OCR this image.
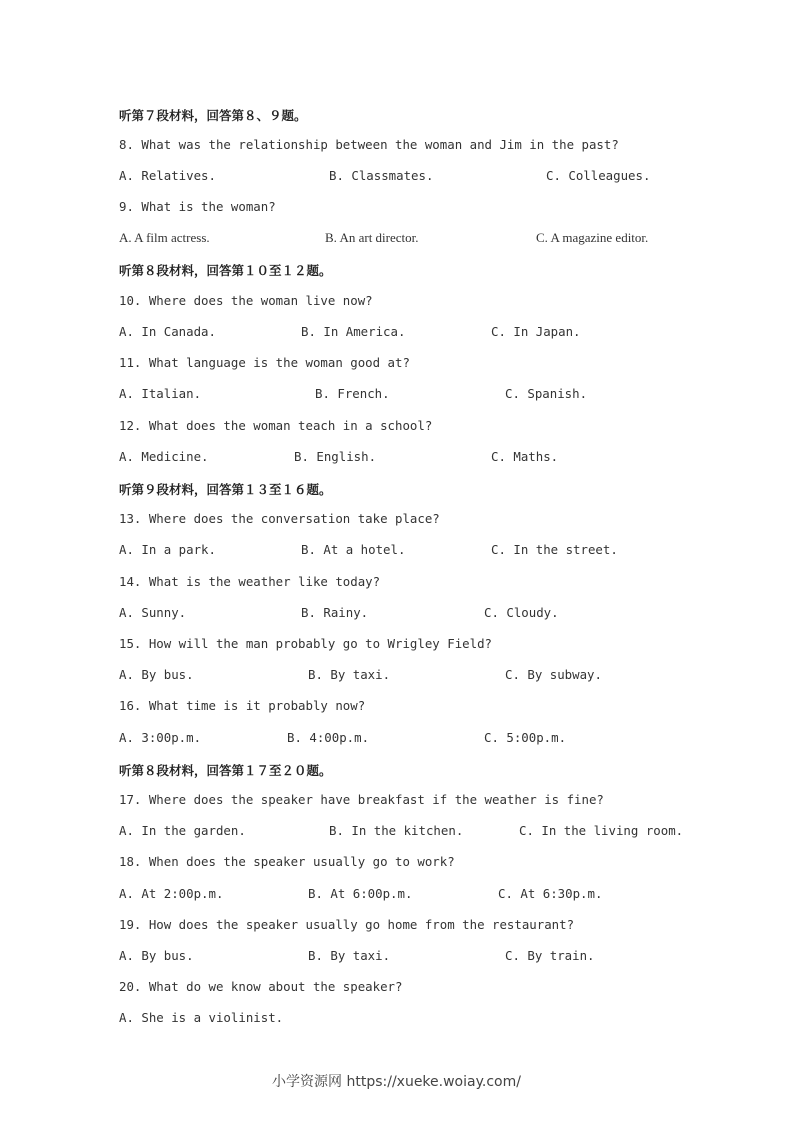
听第７段材料，回答第８、９题。
8. What was the relationship between the woman and Jim in the past?
A. Relatives.	B. Classmates.	C. Colleagues.
9. What is the woman?
A. A film actress.	B. An art director.	C. A magazine editor.
听第８段材料，回答第１０至１２题。
10. Where does the woman live now?
A. In Canada.	B. In America.	C. In Japan.
11. What language is the woman good at?
A. Italian.	B. French.	C. Spanish.
12. What does the woman teach in a school?
A. Medicine.	B. English.	C. Maths.
听第９段材料，回答第１３至１６题。
13. Where does the conversation take place?
A. In a park.	B. At a hotel.	C. In the street.
14. What is the weather like today?
A. Sunny.	B. Rainy.	C. Cloudy.
15. How will the man probably go to Wrigley Field?
A. By bus.	B. By taxi.	C. By subway.
16. What time is it probably now?
A. 3:00p.m.	B. 4:00p.m.	C. 5:00p.m.
听第８段材料，回答第１７至２０题。
17. Where does the speaker have breakfast if the weather is fine?
A. In the garden.	B. In the kitchen.	C. In the living room.
18. When does the speaker usually go to work?
A. At 2:00p.m.	B. At 6:00p.m.	C. At 6:30p.m.
19. How does the speaker usually go home from the restaurant?
A. By bus.	B. By taxi.	C. By train.
20. What do we know about the speaker?
A. She is a violinist.
小学资源网 https://xueke.woiay.com/
